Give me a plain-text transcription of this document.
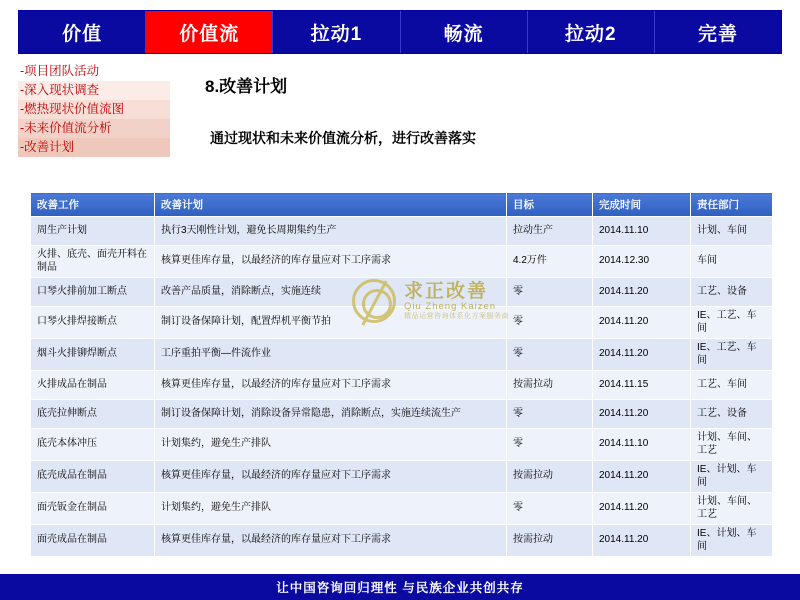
价值	价值流	拉动1	畅流	拉动2	完善
-项目团队活动
-深入现状调查
-燃热现状价值流图
-未来价值流分析
-改善计划
8.改善计划
通过现状和未来价值流分析，进行改善落实
改善工作	改善计划	目标	完成时间	责任部门
周生产计划	执行3天刚性计划，避免长周期集约生产	拉动生产	2014.11.10	计划、车间
火排、底壳、面壳开料在制品	核算更佳库存量，以最经济的库存量应对下工序需求	4.2万件	2014.12.30	车间
口琴火排前加工断点	改善产品质量，消除断点，实施连续	零	2014.11.20	工艺、设备
口琴火排焊接断点	制订设备保障计划，配置焊机平衡节拍	零	2014.11.20	IE、工艺、车间
烟斗火排铆焊断点	工序重拍平衡—件流作业	零	2014.11.20	IE、工艺、车间
火排成品在制品	核算更佳库存量，以最经济的库存量应对下工序需求	按需拉动	2014.11.15	工艺、车间
底壳拉伸断点	制订设备保障计划，消除设备异常隐患，消除断点，实施连续流生产	零	2014.11.20	工艺、设备
底壳本体冲压	计划集约，避免生产排队	零	2014.11.10	计划、车间、工艺
底壳成品在制品	核算更佳库存量，以最经济的库存量应对下工序需求	按需拉动	2014.11.20	IE、计划、车间
面壳钣金在制品	计划集约，避免生产排队	零	2014.11.20	计划、车间、工艺
面壳成品在制品	核算更佳库存量，以最经济的库存量应对下工序需求	按需拉动	2014.11.20	IE、计划、车间
求正改善
Qiu Zheng Kaizen
精品运营咨询体系化方案服务商
让中国咨询回归理性 与民族企业共创共存
